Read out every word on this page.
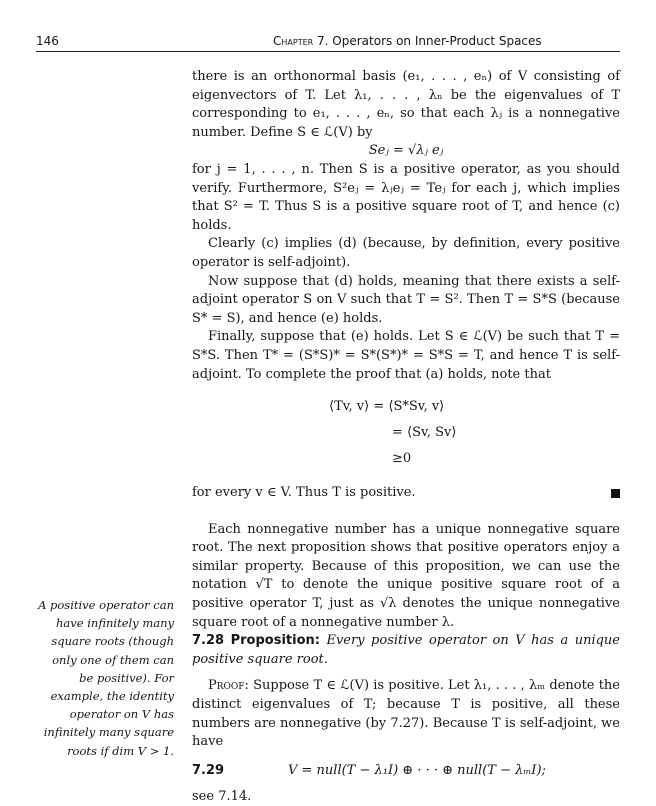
146	Chapter 7. Operators on Inner-Product Spaces

there is an orthonormal basis (e₁, . . . , eₙ) of V consisting of eigenvectors of T. Let λ₁, . . . , λₙ be the eigenvalues of T corresponding to e₁, . . . , eₙ, so that each λⱼ is a nonnegative number. Define S ∈ ℒ(V) by

Seⱼ = √λⱼ eⱼ

for j = 1, . . . , n. Then S is a positive operator, as you should verify. Furthermore, S²eⱼ = λⱼeⱼ = Teⱼ for each j, which implies that S² = T. Thus S is a positive square root of T, and hence (c) holds.

Clearly (c) implies (d) (because, by definition, every positive operator is self-adjoint).

Now suppose that (d) holds, meaning that there exists a self-adjoint operator S on V such that T = S². Then T = S*S (because S* = S), and hence (e) holds.

Finally, suppose that (e) holds. Let S ∈ ℒ(V) be such that T = S*S. Then T* = (S*S)* = S*(S*)* = S*S = T, and hence T is self-adjoint. To complete the proof that (a) holds, note that

⟨Tv, v⟩ = ⟨S*Sv, v⟩
= ⟨Sv, Sv⟩
≥0

for every v ∈ V. Thus T is positive.

Each nonnegative number has a unique nonnegative square root. The next proposition shows that positive operators enjoy a similar property. Because of this proposition, we can use the notation √T to denote the unique positive square root of a positive operator T, just as √λ denotes the unique nonnegative square root of a nonnegative number λ.

7.28 Proposition: Every positive operator on V has a unique positive square root.

Proof: Suppose T ∈ ℒ(V) is positive. Let λ₁, . . . , λₘ denote the distinct eigenvalues of T; because T is positive, all these numbers are nonnegative (by 7.27). Because T is self-adjoint, we have

7.29	V = null(T − λ₁I) ⊕ · · · ⊕ null(T − λₘI);

see 7.14.

A positive operator can have infinitely many square roots (though only one of them can be positive). For example, the identity operator on V has infinitely many square roots if dim V > 1.
